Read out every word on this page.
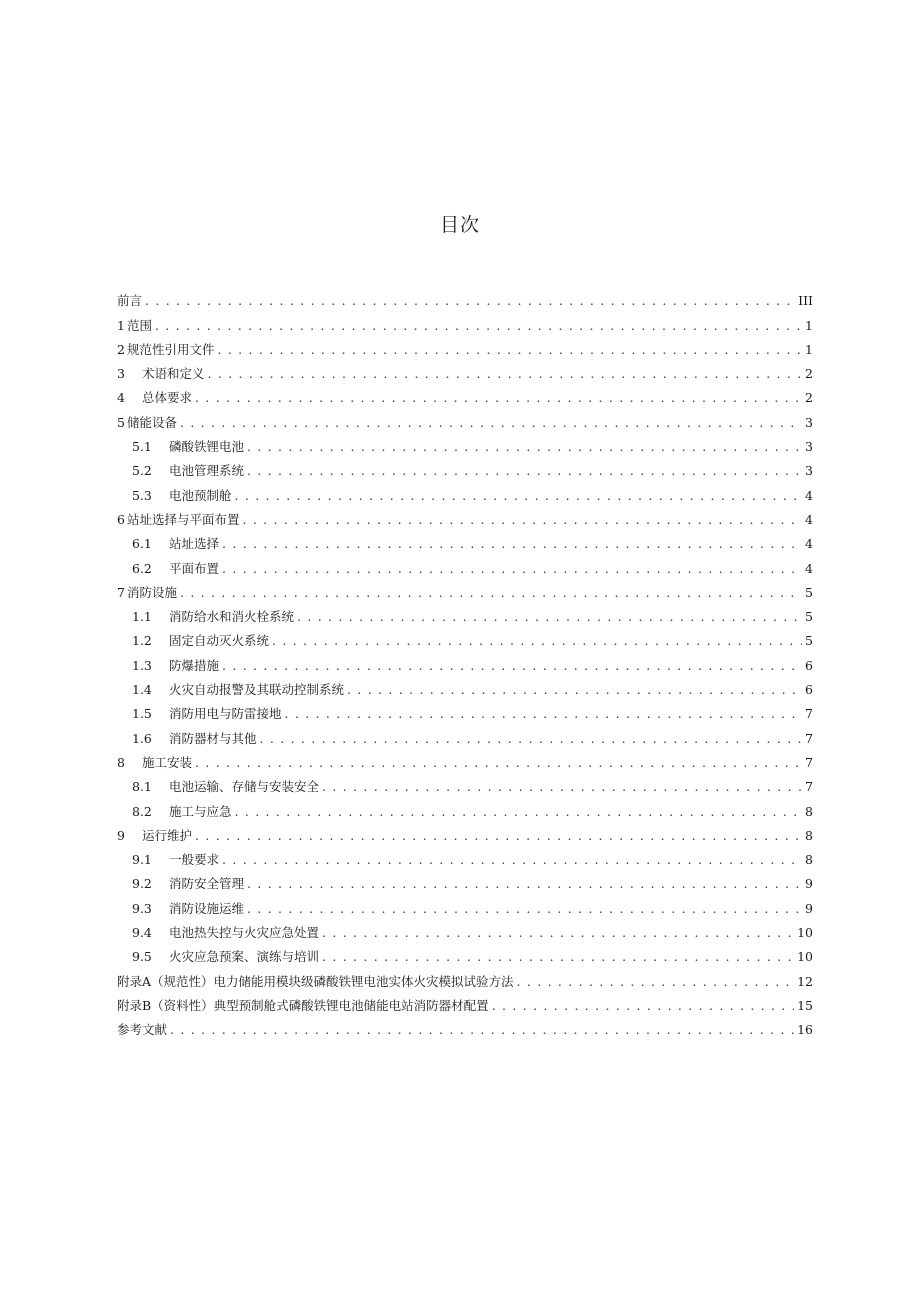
目次
前言 . . .	III
1 范围 . . .	1
2 规范性引用文件 . . .	1
3	术语和定义 . . .	2
4	总体要求 . . .	2
5 储能设备 . . .	3
5.1	磷酸铁锂电池 . . .	3
5.2	电池管理系统 . . .	3
5.3	电池预制舱 . . .	4
6 站址选择与平面布置 . . .	4
6.1	站址选择 . . .	4
6.2	平面布置 . . .	4
7 消防设施 . . .	5
1.1	消防给水和消火栓系统 . . .	5
1.2	固定自动灭火系统 . . .	5
1.3	防爆措施 . . .	6
1.4	火灾自动报警及其联动控制系统 . . .	6
1.5	消防用电与防雷接地 . . .	7
1.6	消防器材与其他 . . .	7
8	施工安装 . . .	7
8.1	电池运输、存储与安装安全 . . .	7
8.2	施工与应急 . . .	8
9	运行维护 . . .	8
9.1	一般要求 . . .	8
9.2	消防安全管理 . . .	9
9.3	消防设施运维 . . .	9
9.4	电池热失控与火灾应急处置 . . .	10
9.5	火灾应急预案、演练与培训 . . .	10
附录A（规范性）电力储能用模块级磷酸铁锂电池实体火灾模拟试验方法 . . .	12
附录B（资料性）典型预制舱式磷酸铁锂电池储能电站消防器材配置 . . .	15
参考文献 . . .	16
